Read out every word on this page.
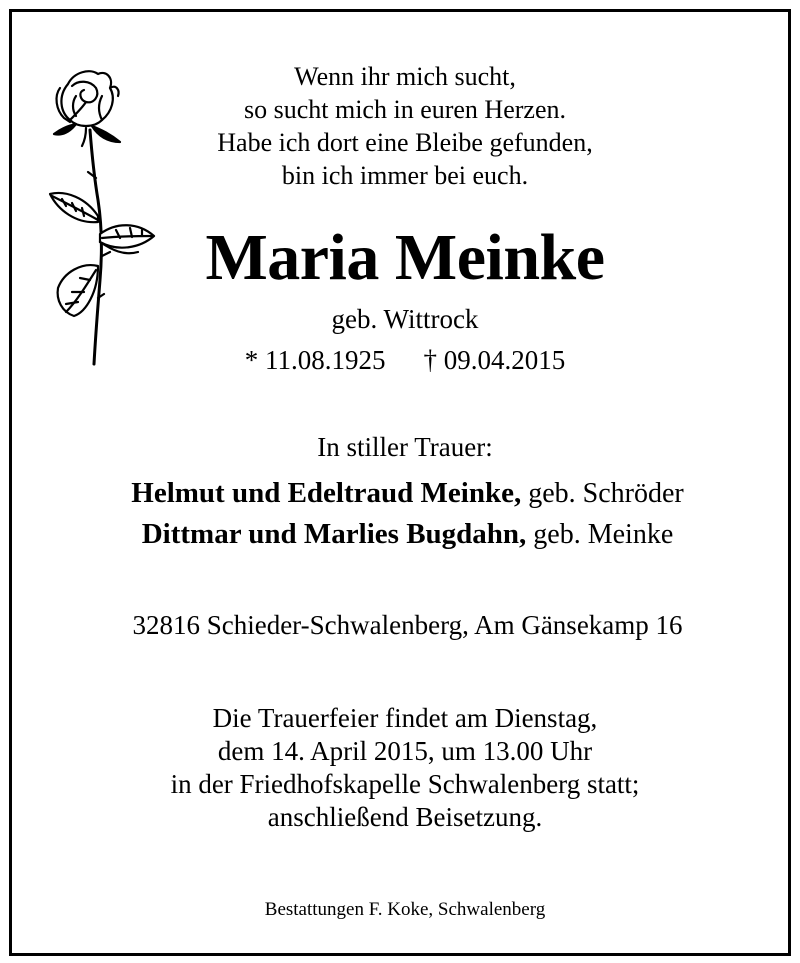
Wenn ihr mich sucht,
so sucht mich in euren Herzen.
Habe ich dort eine Bleibe gefunden,
bin ich immer bei euch.
Maria Meinke
geb. Wittrock
* 11.08.1925 † 09.04.2015
In stiller Trauer:
Helmut und Edeltraud Meinke, geb. Schröder
Dittmar und Marlies Bugdahn, geb. Meinke
32816 Schieder-Schwalenberg, Am Gänsekamp 16
Die Trauerfeier findet am Dienstag,
dem 14. April 2015, um 13.00 Uhr
in der Friedhofskapelle Schwalenberg statt;
anschließend Beisetzung.
Bestattungen F. Koke, Schwalenberg
